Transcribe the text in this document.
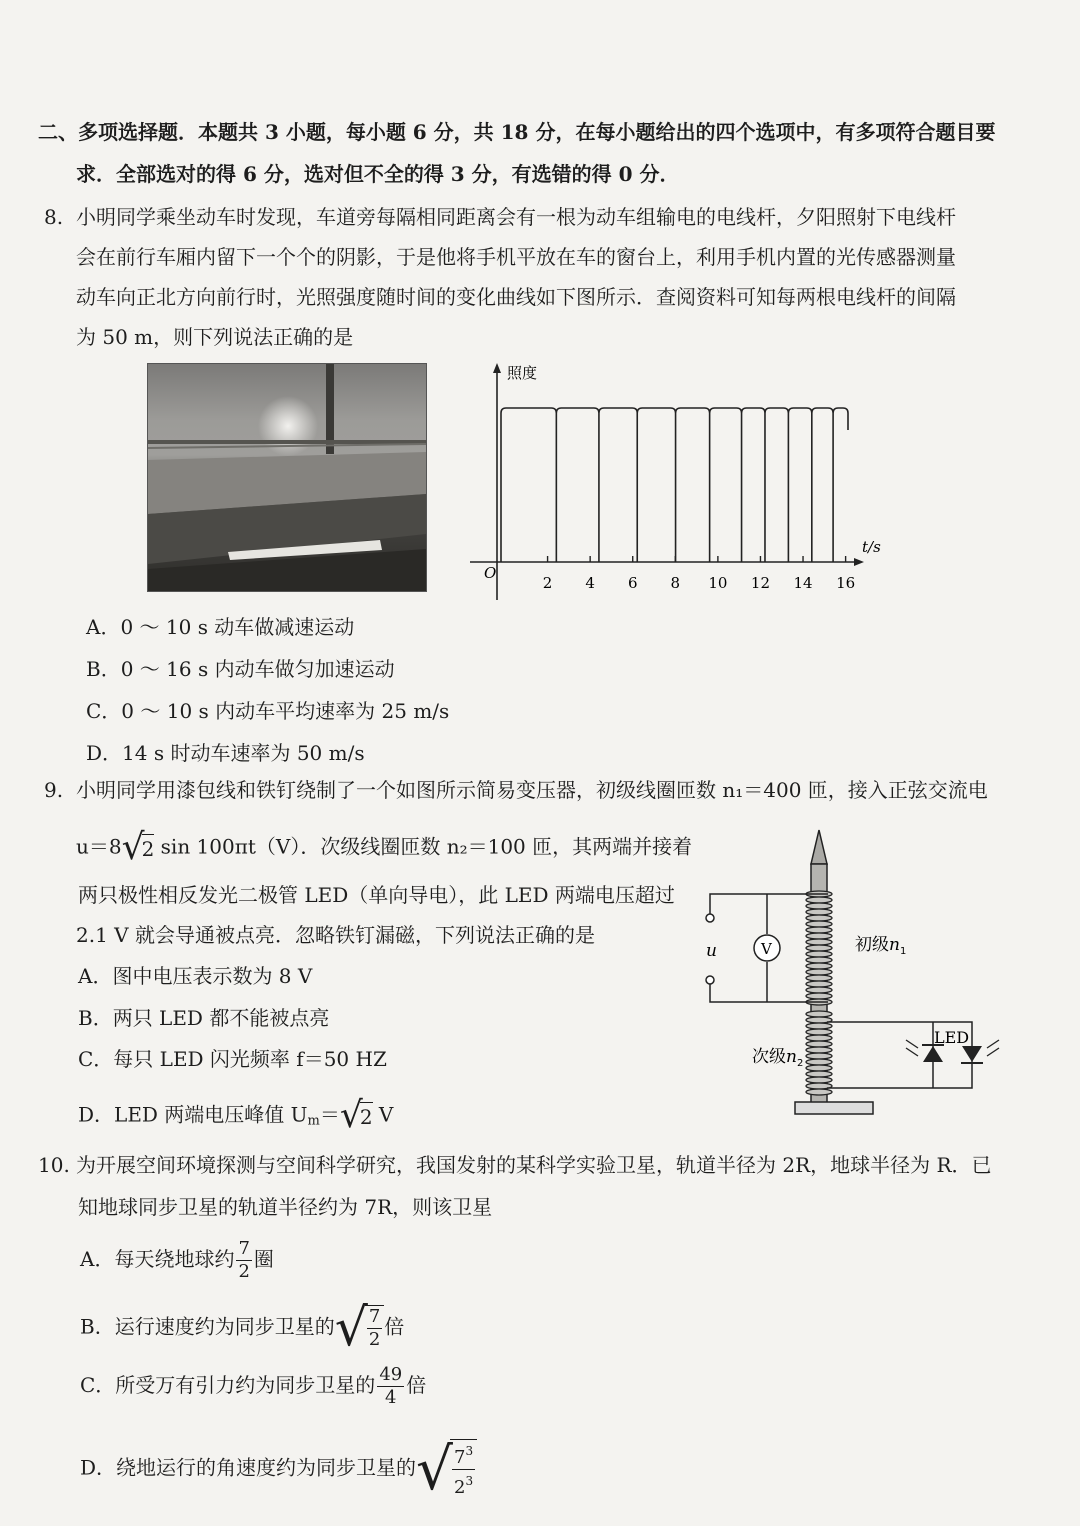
二、多项选择题．本题共 3 小题，每小题 6 分，共 18 分，在每小题给出的四个选项中，有多项符合题目要
求．全部选对的得 6 分，选对但不全的得 3 分，有选错的得 0 分．
8. 小明同学乘坐动车时发现，车道旁每隔相同距离会有一根为动车组输电的电线杆，夕阳照射下电线杆
会在前行车厢内留下一个个的阴影，于是他将手机平放在车的窗台上，利用手机内置的光传感器测量
动车向正北方向前行时，光照强度随时间的变化曲线如下图所示．查阅资料可知每两根电线杆的间隔
为 50 m，则下列说法正确的是
照度
t/s
O
2 4 6 8 10 12 14 16
A．0 ～ 10 s 动车做减速运动
B．0 ～ 16 s 内动车做匀加速运动
C．0 ～ 10 s 内动车平均速率为 25 m/s
D．14 s 时动车速率为 50 m/s
9. 小明同学用漆包线和铁钉绕制了一个如图所示简易变压器，初级线圈匝数 n₁＝400 匝，接入正弦交流电
u＝8√2 sin 100πt（V）．次级线圈匝数 n₂＝100 匝，其两端并接着
两只极性相反发光二极管 LED（单向导电），此 LED 两端电压超过
2.1 V 就会导通被点亮．忽略铁钉漏磁，下列说法正确的是
A．图中电压表示数为 8 V
B．两只 LED 都不能被点亮
C．每只 LED 闪光频率 f＝50 HZ
D．LED 两端电压峰值 $U_m=√2$ V
V
u	初级$n_1$
次级$n_2$
LED
10. 为开展空间环境探测与空间科学研究，我国发射的某科学实验卫星，轨道半径为 2R，地球半径为 R．已
知地球同步卫星的轨道半径约为 7R，则该卫星
A．每天绕地球约 $\frac{7}{2}$ 圈
B．运行速度约为同步卫星的√ $\frac{7}{2}$ 倍
C．所受万有引力约为同步卫星的 $\frac{49}{4}$ 倍
D．绕地运行的角速度约为同步卫星的√ $\frac{7^3}{2^3}$
